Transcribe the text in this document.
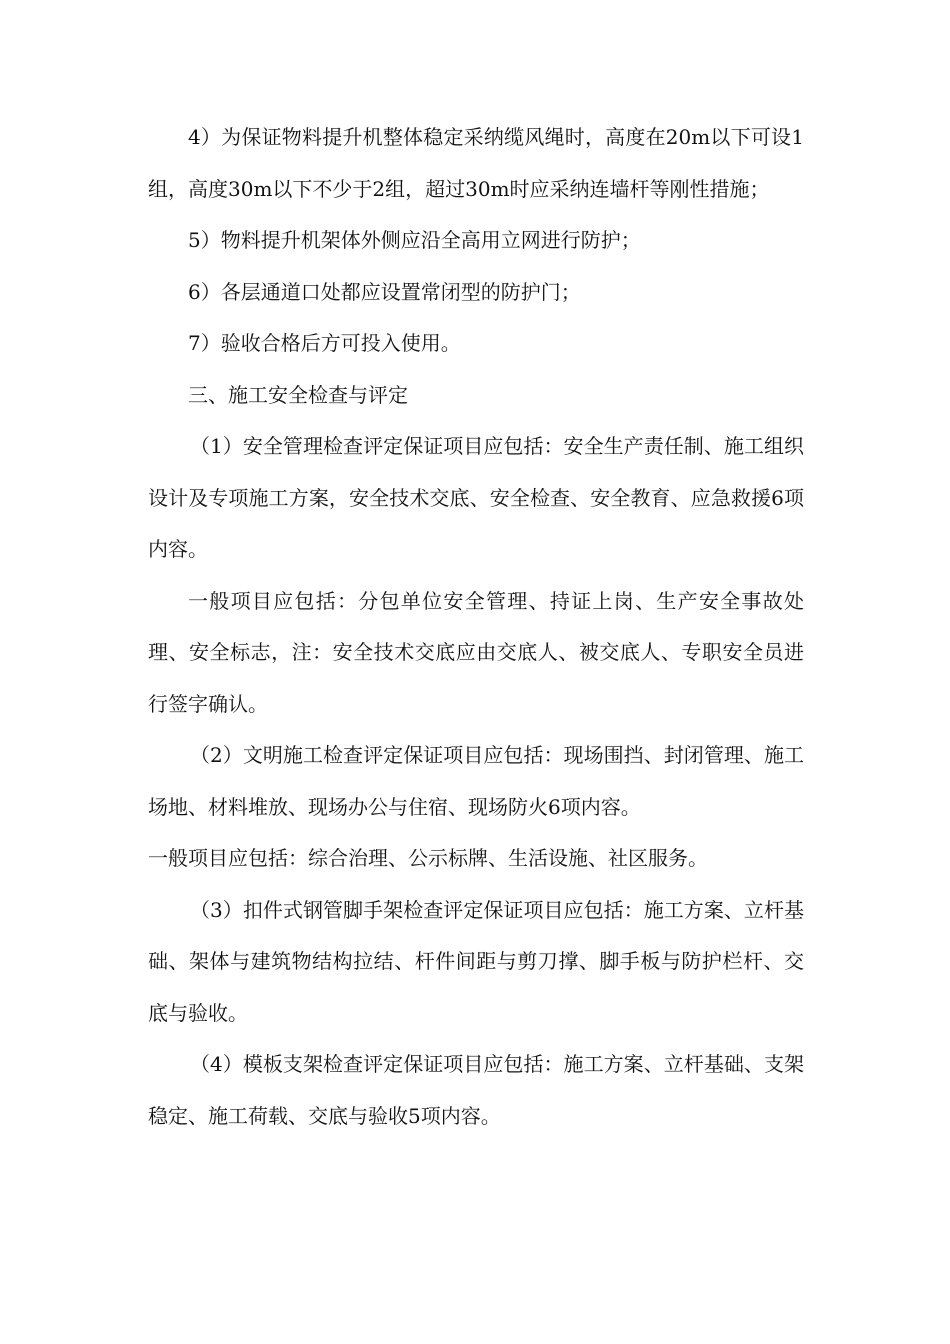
4）为保证物料提升机整体稳定采纳缆风绳时，高度在20m以下可设1组，高度30m以下不少于2组，超过30m时应采纳连墙杆等刚性措施；

5）物料提升机架体外侧应沿全高用立网进行防护；

6）各层通道口处都应设置常闭型的防护门；

7）验收合格后方可投入使用。

三、施工安全检查与评定

（1）安全管理检查评定保证项目应包括：安全生产责任制、施工组织设计及专项施工方案，安全技术交底、安全检查、安全教育、应急救援6项内容。

一般项目应包括：分包单位安全管理、持证上岗、生产安全事故处理、安全标志，注：安全技术交底应由交底人、被交底人、专职安全员进行签字确认。

（2）文明施工检查评定保证项目应包括：现场围挡、封闭管理、施工场地、材料堆放、现场办公与住宿、现场防火6项内容。

一般项目应包括：综合治理、公示标牌、生活设施、社区服务。

（3）扣件式钢管脚手架检查评定保证项目应包括：施工方案、立杆基础、架体与建筑物结构拉结、杆件间距与剪刀撑、脚手板与防护栏杆、交底与验收。

（4）模板支架检查评定保证项目应包括：施工方案、立杆基础、支架稳定、施工荷载、交底与验收5项内容。
